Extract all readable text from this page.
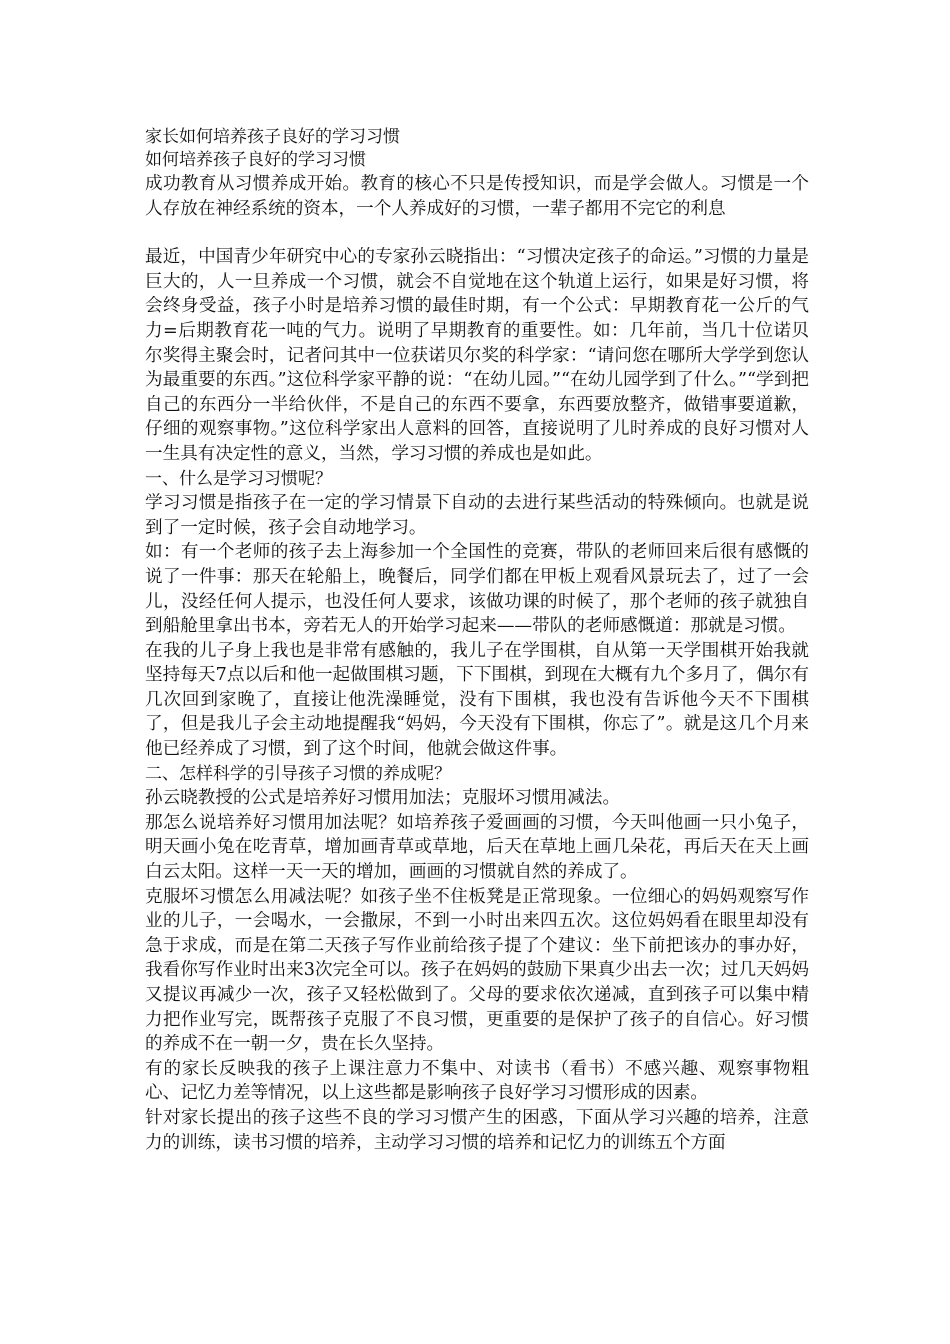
家长如何培养孩子良好的学习习惯

如何培养孩子良好的学习习惯

成功教育从习惯养成开始。教育的核心不只是传授知识，而是学会做人。习惯是一个人存放在神经系统的资本，一个人养成好的习惯，一辈子都用不完它的利息

最近，中国青少年研究中心的专家孙云晓指出：“习惯决定孩子的命运。”习惯的力量是巨大的，人一旦养成一个习惯，就会不自觉地在这个轨道上运行，如果是好习惯，将会终身受益，孩子小时是培养习惯的最佳时期，有一个公式：早期教育花一公斤的气力=后期教育花一吨的气力。说明了早期教育的重要性。如：几年前，当几十位诺贝尔奖得主聚会时，记者问其中一位获诺贝尔奖的科学家：“请问您在哪所大学学到您认为最重要的东西。”这位科学家平静的说：“在幼儿园。”“在幼儿园学到了什么。”“学到把自己的东西分一半给伙伴，不是自己的东西不要拿，东西要放整齐，做错事要道歉，仔细的观察事物。”这位科学家出人意料的回答，直接说明了儿时养成的良好习惯对人一生具有决定性的意义，当然，学习习惯的养成也是如此。

一、什么是学习习惯呢？

学习习惯是指孩子在一定的学习情景下自动的去进行某些活动的特殊倾向。也就是说到了一定时候，孩子会自动地学习。

如：有一个老师的孩子去上海参加一个全国性的竞赛，带队的老师回来后很有感慨的说了一件事：那天在轮船上，晚餐后，同学们都在甲板上观看风景玩去了，过了一会儿，没经任何人提示，也没任何人要求，该做功课的时候了，那个老师的孩子就独自到船舱里拿出书本，旁若无人的开始学习起来——带队的老师感慨道：那就是习惯。

在我的儿子身上我也是非常有感触的，我儿子在学围棋，自从第一天学围棋开始我就坚持每天7点以后和他一起做围棋习题，下下围棋，到现在大概有九个多月了，偶尔有几次回到家晚了，直接让他洗澡睡觉，没有下围棋，我也没有告诉他今天不下围棋了，但是我儿子会主动地提醒我“妈妈，今天没有下围棋，你忘了”。就是这几个月来他已经养成了习惯，到了这个时间，他就会做这件事。

二、怎样科学的引导孩子习惯的养成呢？

孙云晓教授的公式是培养好习惯用加法；克服坏习惯用减法。

那怎么说培养好习惯用加法呢？如培养孩子爱画画的习惯，今天叫他画一只小兔子，明天画小兔在吃青草，增加画青草或草地，后天在草地上画几朵花，再后天在天上画白云太阳。这样一天一天的增加，画画的习惯就自然的养成了。

克服坏习惯怎么用减法呢？如孩子坐不住板凳是正常现象。一位细心的妈妈观察写作业的儿子，一会喝水，一会撒尿，不到一小时出来四五次。这位妈妈看在眼里却没有急于求成，而是在第二天孩子写作业前给孩子提了个建议：坐下前把该办的事办好，我看你写作业时出来3次完全可以。孩子在妈妈的鼓励下果真少出去一次；过几天妈妈又提议再减少一次，孩子又轻松做到了。父母的要求依次递减，直到孩子可以集中精力把作业写完，既帮孩子克服了不良习惯，更重要的是保护了孩子的自信心。好习惯的养成不在一朝一夕，贵在长久坚持。

有的家长反映我的孩子上课注意力不集中、对读书（看书）不感兴趣、观察事物粗心、记忆力差等情况，以上这些都是影响孩子良好学习习惯形成的因素。

针对家长提出的孩子这些不良的学习习惯产生的困惑，下面从学习兴趣的培养，注意力的训练，读书习惯的培养，主动学习习惯的培养和记忆力的训练五个方面
